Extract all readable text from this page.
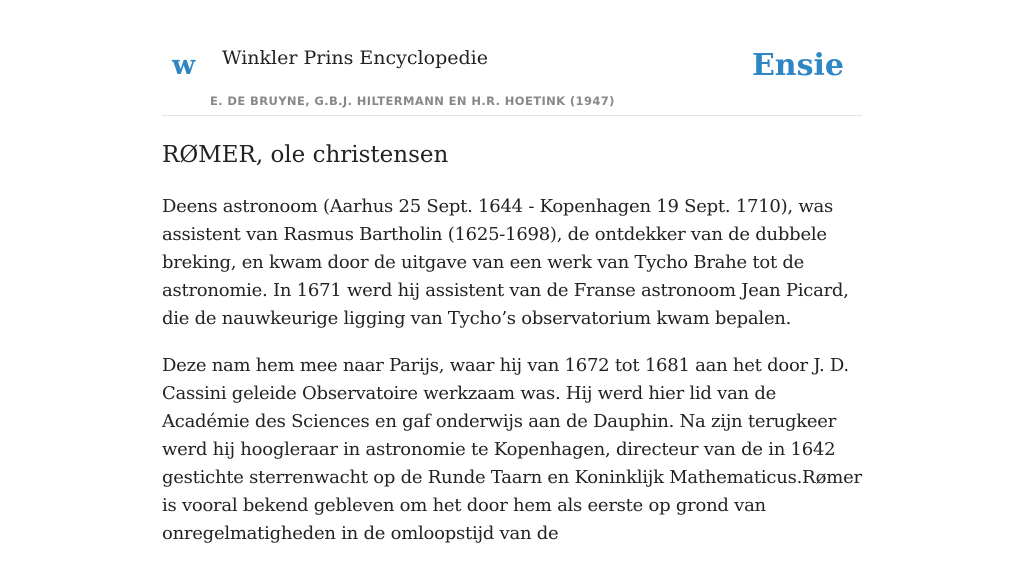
w Winkler Prins Encyclopedie
E. DE BRUYNE, G.B.J. HILTERMANN EN H.R. HOETINK (1947)
Ensie
RØMER, ole christensen

Deens astronoom (Aarhus 25 Sept. 1644 - Kopenhagen 19 Sept. 1710), was assistent van Rasmus Bartholin (1625-1698), de ontdekker van de dubbele breking, en kwam door de uitgave van een werk van Tycho Brahe tot de astronomie. In 1671 werd hij assistent van de Franse astronoom Jean Picard, die de nauwkeurige ligging van Tycho’s observatorium kwam bepalen.

Deze nam hem mee naar Parijs, waar hij van 1672 tot 1681 aan het door J. D. Cassini geleide Observatoire werkzaam was. Hij werd hier lid van de Académie des Sciences en gaf onderwijs aan de Dauphin. Na zijn terugkeer werd hij hoogleraar in astronomie te Kopenhagen, directeur van de in 1642 gestichte sterrenwacht op de Runde Taarn en Koninklijk Mathematicus.Rømer is vooral bekend gebleven om het door hem als eerste op grond van onregelmatigheden in de omloopstijd van de
